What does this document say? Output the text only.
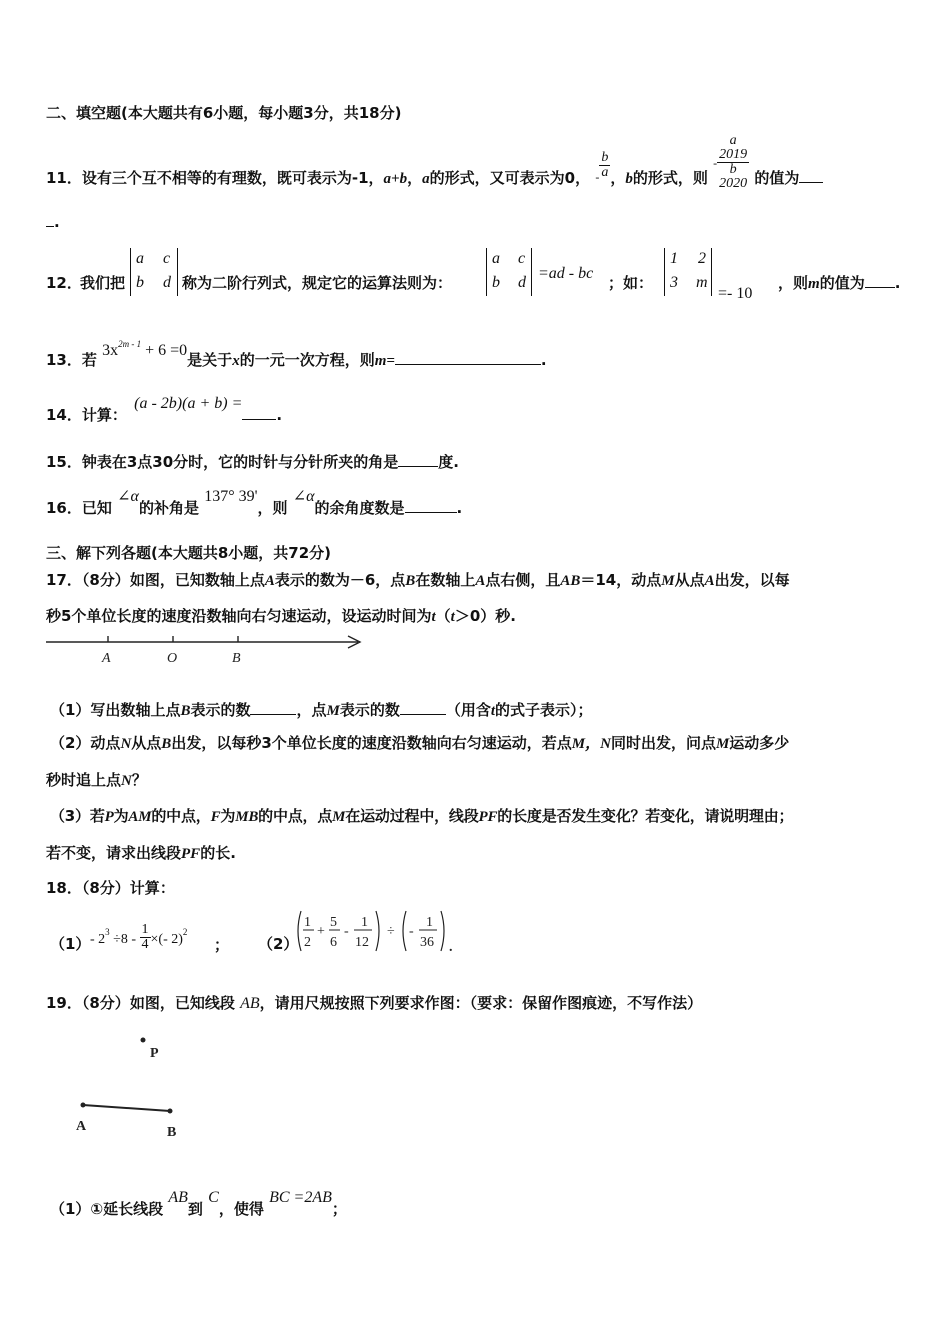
二、填空题(本大题共有6小题，每小题3分，共18分)
11．设有三个互不相等的有理数，既可表示为-1，a+b，a的形式，又可表示为0， - $\frac{b}{a}$ ，b的形式，则 - a
2019
b
2020 的值为
.
12．
我们把
a c
b d 称为二阶行列式，规定它的运算法则为：
a c
b d
=ad - bc
；如：
1 2
3 m
=- 10
，则m的值为 .
13．若 $3x^{2m - 1} + 6 =0$是关于x的一元一次方程，则m=	.
14．计算： (a - 2b)(a + b) =.
15．钟表在3点30分时，它的时针与分针所夹的角是	度.
16．已知 ∠α的补角是 137° 39'，则 ∠α的余角度数是	.
三、解下列各题(本大题共8小题，共72分)
17．（8分）如图，已知数轴上点A表示的数为－6，点B在数轴上A点右侧，且AB＝14，动点M从点A出发，以每
秒5个单位长度的速度沿数轴向右匀速运动，设运动时间为t（t＞0）秒.
A	O	B
（1）写出数轴上点B表示的数	，点M表示的数	（用含t的式子表示）；
（2）动点N从点B出发，以每秒3个单位长度的速度沿数轴向右匀速运动，若点M，N同时出发，问点M运动多少
秒时追上点N？
（3）若P为AM的中点，F为MB的中点，点M在运动过程中，线段PF的长度是否发生变化？若变化，请说明理由；
若不变，请求出线段PF的长.
18．（8分）计算：
$(1) - 2^3 \div 8 - \frac{1}{4}$ ×(- 2)$^2$
； （2）
1
2
+
5
6
-
1
12
÷ -
1
36 .
19．（8分）如图，已知线段 AB，请用尺规按照下列要求作图：（要求：保留作图痕迹，不写作法）
P
A	B
（1）①延长线段 AB到 C，使得 BC =2AB；
